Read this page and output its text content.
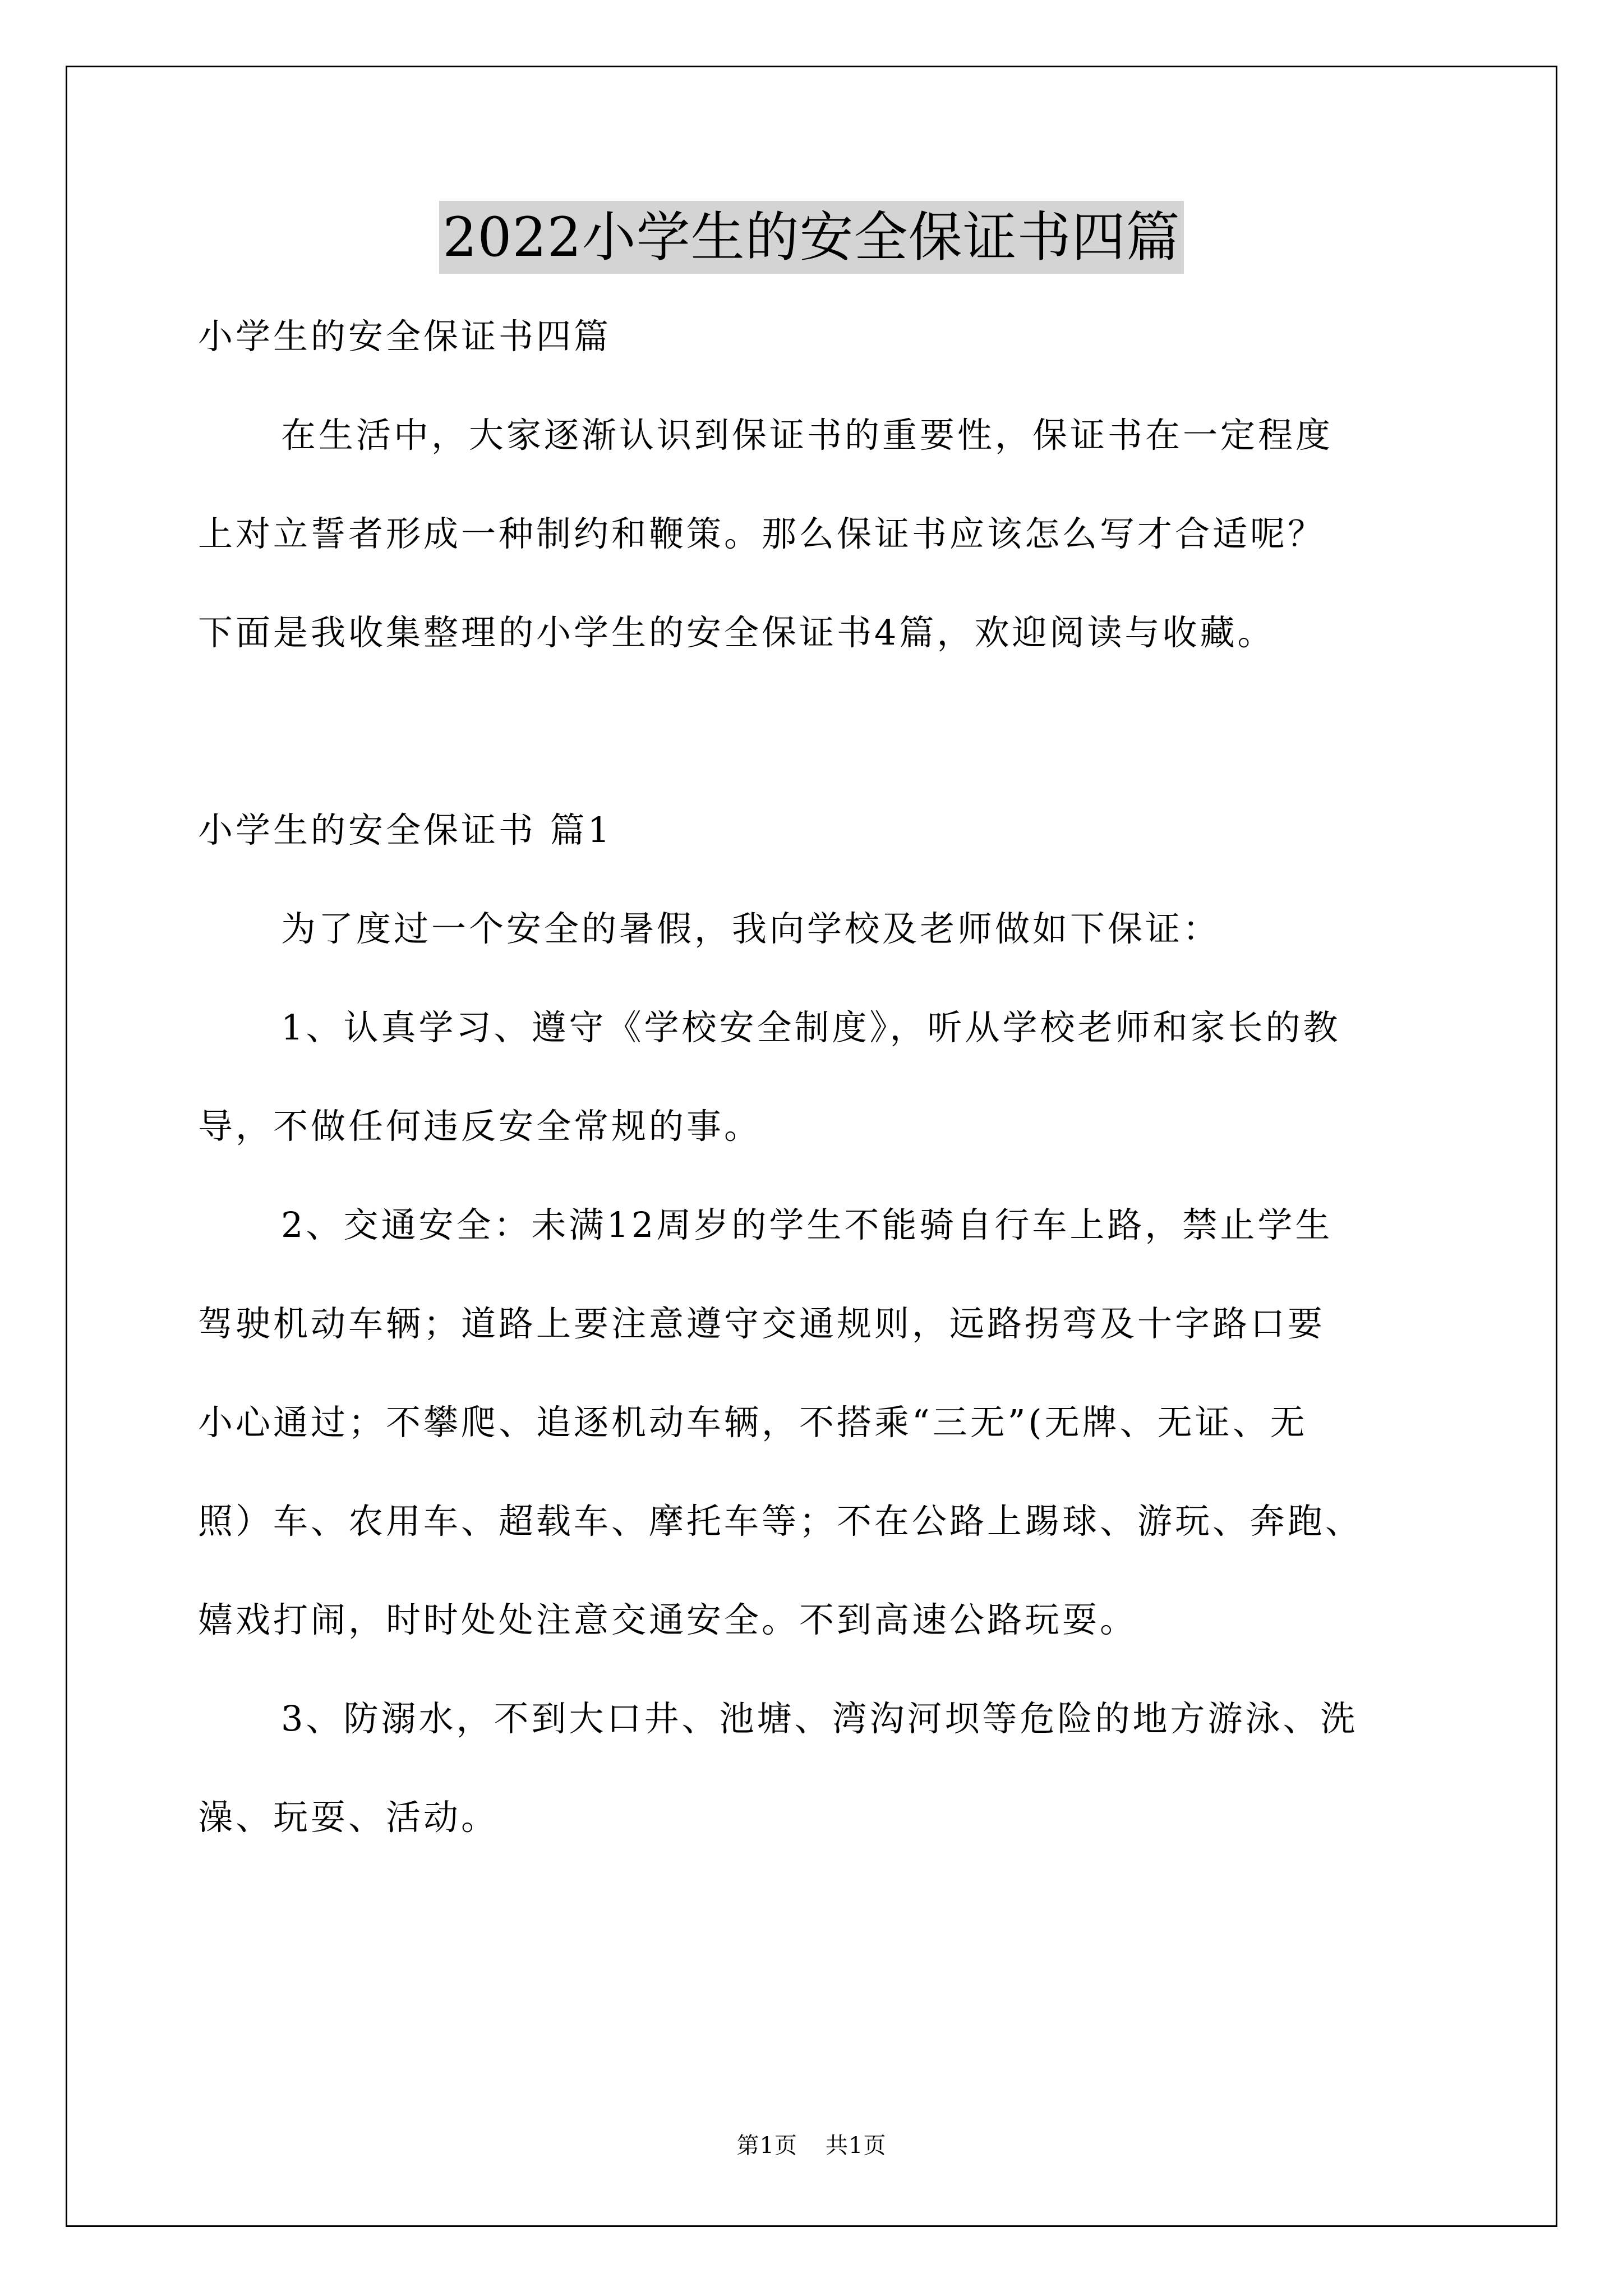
2022小学生的安全保证书四篇
小学生的安全保证书四篇
在生活中，大家逐渐认识到保证书的重要性，保证书在一定程度
上对立誓者形成一种制约和鞭策。那么保证书应该怎么写才合适呢？
下面是我收集整理的小学生的安全保证书4篇，欢迎阅读与收藏。
小学生的安全保证书 篇1
为了度过一个安全的暑假，我向学校及老师做如下保证：
1、认真学习、遵守《学校安全制度》，听从学校老师和家长的教
导，不做任何违反安全常规的事。
2、交通安全：未满12周岁的学生不能骑自行车上路，禁止学生
驾驶机动车辆；道路上要注意遵守交通规则，远路拐弯及十字路口要
小心通过；不攀爬、追逐机动车辆，不搭乘“三无”(无牌、无证、无
照）车、农用车、超载车、摩托车等；不在公路上踢球、游玩、奔跑、
嬉戏打闹，时时处处注意交通安全。不到高速公路玩耍。
3、防溺水，不到大口井、池塘、湾沟河坝等危险的地方游泳、洗
澡、玩耍、活动。
第1页 共1页
